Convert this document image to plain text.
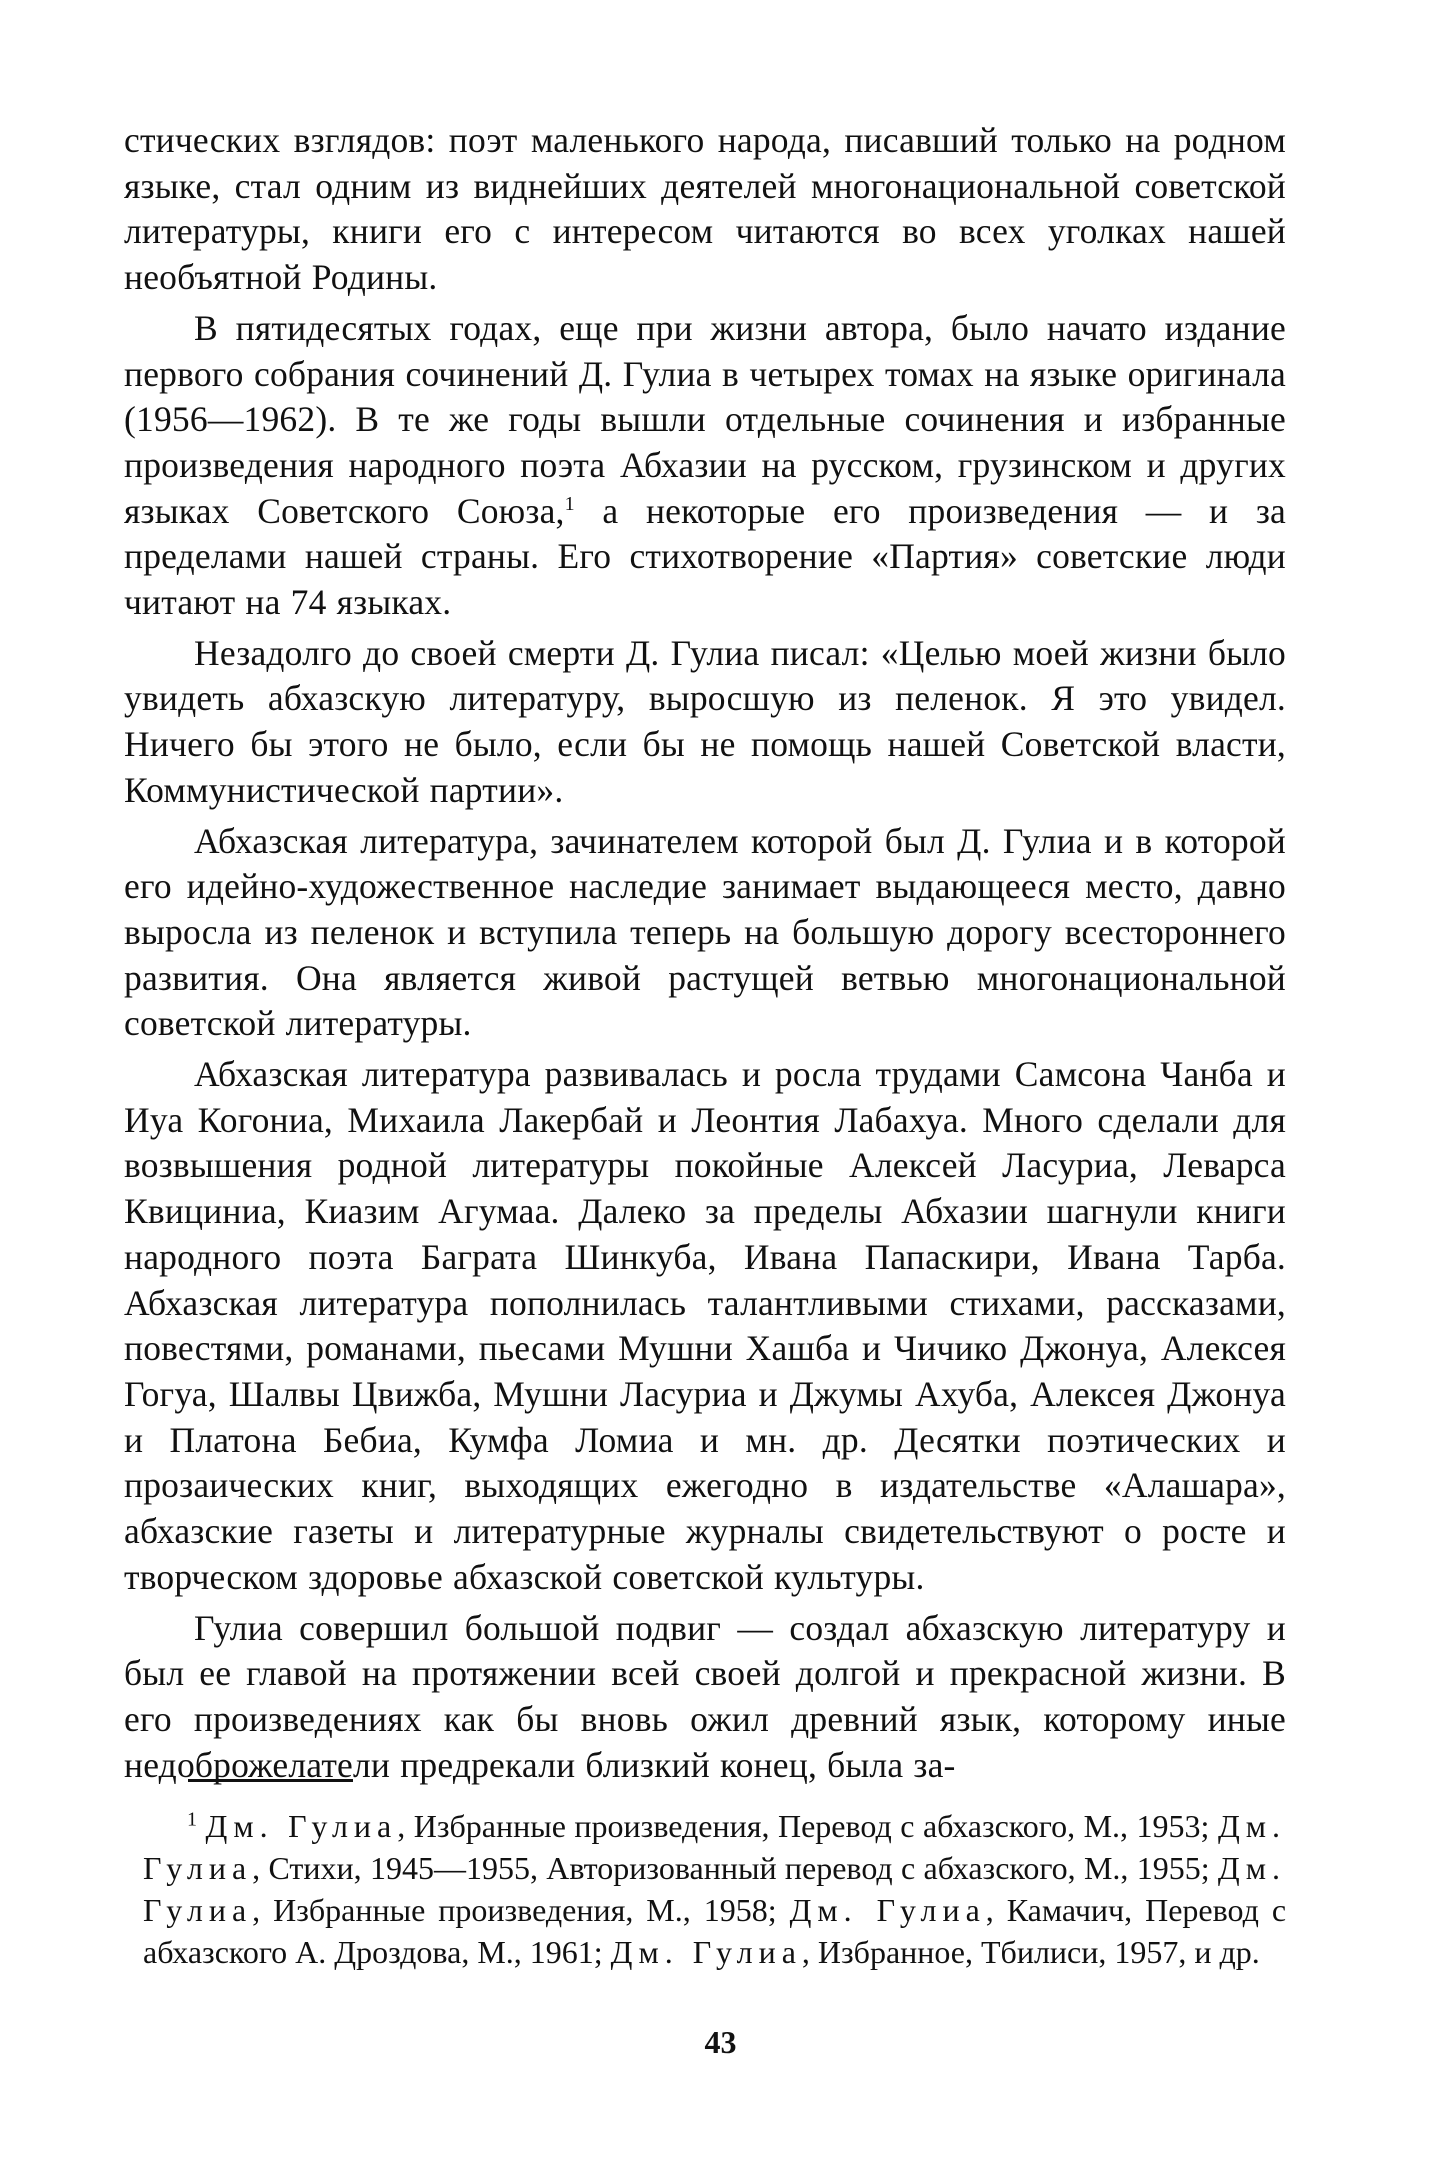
стических взглядов: поэт маленького народа, писавший только на родном языке, стал одним из виднейших деятелей многонациональной советской литературы, книги его с интересом читаются во всех уголках нашей необъятной Родины.

В пятидесятых годах, еще при жизни автора, было начато издание первого собрания сочинений Д. Гулиа в четырех томах на языке оригинала (1956—1962). В те же годы вышли отдельные сочинения и избранные произведения народного поэта Абхазии на русском, грузинском и других языках Советского Союза,$^1$ а некоторые его произведения — и за пределами нашей страны. Его стихотворение «Партия» советские люди читают на 74 языках.

Незадолго до своей смерти Д. Гулиа писал: «Целью моей жизни было увидеть абхазскую литературу, выросшую из пеленок. Я это увидел. Ничего бы этого не было, если бы не помощь нашей Советской власти, Коммунистической партии».

Абхазская литература, зачинателем которой был Д. Гулиа и в которой его идейно-художественное наследие занимает выдающееся место, давно выросла из пеленок и вступила теперь на большую дорогу всестороннего развития. Она является живой растущей ветвью многонациональной советской литературы.

Абхазская литература развивалась и росла трудами Самсона Чанба и Иуа Когониа, Михаила Лакербай и Леонтия Лабахуа. Много сделали для возвышения родной литературы покойные Алексей Ласуриа, Леварса Квициниа, Киазим Агумаа. Далеко за пределы Абхазии шагнули книги народного поэта Баграта Шинкуба, Ивана Папаскири, Ивана Тарба. Абхазская литература пополнилась талантливыми стихами, рассказами, повестями, романами, пьесами Мушни Хашба и Чичико Джонуа, Алексея Гогуа, Шалвы Цвижба, Мушни Ласуриа и Джумы Ахуба, Алексея Джонуа и Платона Бебиа, Кумфа Ломиа и мн. др. Десятки поэтических и прозаических книг, выходящих ежегодно в издательстве «Алашара», абхазские газеты и литературные журналы свидетельствуют о росте и творческом здоровье абхазской советской культуры.

Гулиа совершил большой подвиг — создал абхазскую литературу и был ее главой на протяжении всей своей долгой и прекрасной жизни. В его произведениях как бы вновь ожил древний язык, которому иные недоброжелатели предрекали близкий конец, была за-

$^1$ Дм. Гулиа, Избранные произведения, Перевод с абхазского, М., 1953; Дм. Гулиа, Стихи, 1945—1955, Авторизованный перевод с абхазского, М., 1955; Дм. Гулиа, Избранные произведения, М., 1958; Дм. Гулиа, Камачич, Перевод с абхазского А. Дроздова, М., 1961; Дм. Гулиа, Избранное, Тбилиси, 1957, и др.

43
